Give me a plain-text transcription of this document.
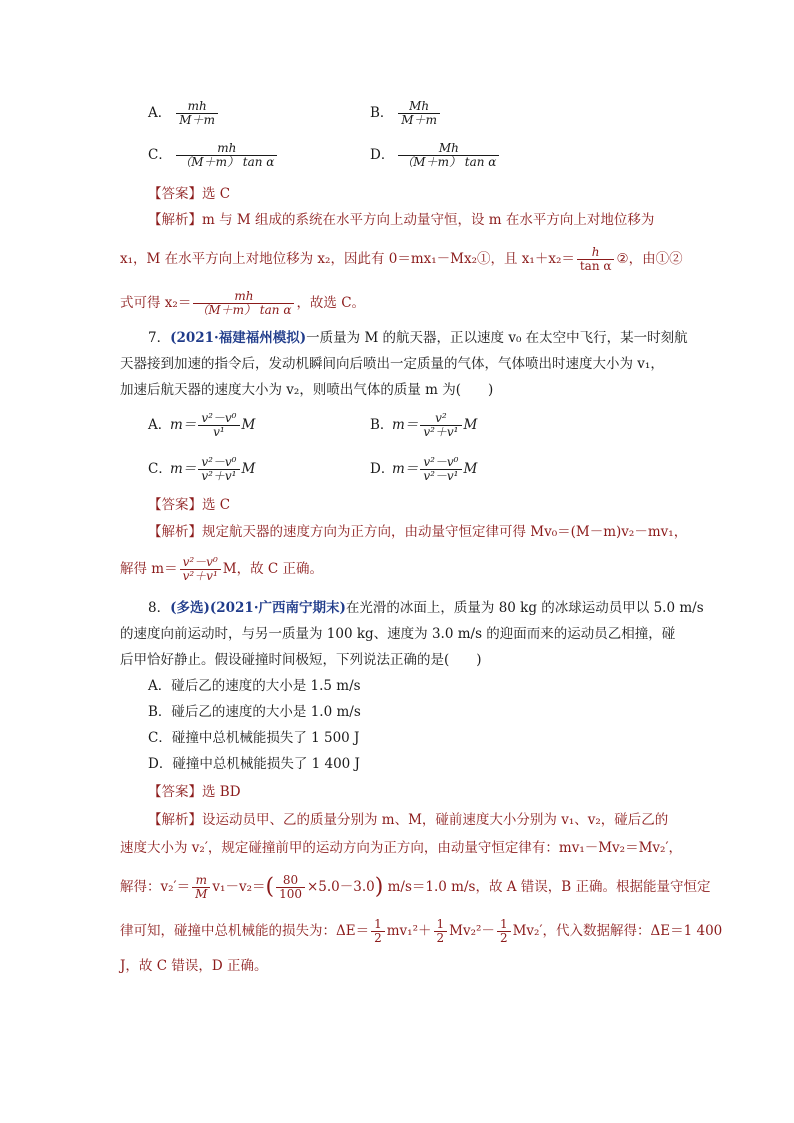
A． $\frac{mh}{M+m}$	B． $\frac{Mh}{M+m}$
C． $\frac{mh}{\text{（M＋m） tan α}}$	D． $\frac{Mh}{\text{（M＋m） tan α}}$
【答案】选 C
【解析】m 与 M 组成的系统在水平方向上动量守恒，设 m 在水平方向上对地位移为
x₁，M 在水平方向上对地位移为 x₂，因此有 0＝mx₁－Mx₂①，且 $x_1+x_2= \frac{h}{\text{tan α}}$ ②，由①②
式可得 $x_2= \frac{mh}{\text{（M＋m） tan α}}$ ，故选 C。
7．(2021·福建福州模拟)一质量为 M 的航天器，正以速度 v₀ 在太空中飞行，某一时刻航
天器接到加速的指令后，发动机瞬间向后喷出一定质量的气体，气体喷出时速度大小为 v₁，
加速后航天器的速度大小为 v₂，则喷出气体的质量 m 为(　　)
A．$m= \frac{\text{v²－v⁰}}{\text{v¹}}$ M	B．$m= \frac{\text{v²}}{\text{v²＋v¹}}$ M
C．$m= \frac{\text{v²－v⁰}}{\text{v²＋v¹}}$ M	D．$m= \frac{\text{v²－v⁰}}{\text{v²－v¹}}$ M
【答案】选 C
【解析】规定航天器的速度方向为正方向，由动量守恒定律可得 Mv₀＝(M－m)v₂－mv₁，
解得 $m= \frac{\text{v²－v⁰}}{\text{v²＋v¹}}$ M，故 C 正确。
8．(多选)(2021·广西南宁期末)在光滑的冰面上，质量为 80 kg 的冰球运动员甲以 5.0 m/s
的速度向前运动时，与另一质量为 100 kg、速度为 3.0 m/s 的迎面而来的运动员乙相撞，碰
后甲恰好静止。假设碰撞时间极短，下列说法正确的是(　　)
A．碰后乙的速度的大小是 1.5 m/s
B．碰后乙的速度的大小是 1.0 m/s
C．碰撞中总机械能损失了 1 500 J
D．碰撞中总机械能损失了 1 400 J
【答案】选 BD
【解析】设运动员甲、乙的质量分别为 m、M，碰前速度大小分别为 v₁、v₂，碰后乙的
速度大小为 v₂′，规定碰撞前甲的运动方向为正方向，由动量守恒定律有：mv₁－Mv₂＝Mv₂′，
解得：$v_2'= \frac{m}{M} v_1-v_2=( \frac{80}{100} \times 5.0-3.0)$ m/s＝1.0 m/s，故 A 错误，B 正确。根据能量守恒定
律可知，碰撞中总机械能的损失为：$\Delta E= \frac{1}{2} mv_1^2+ \frac{1}{2} Mv_2^2- \frac{1}{2} Mv_2'$，代入数据解得：ΔE＝1 400
J，故 C 错误，D 正确。
